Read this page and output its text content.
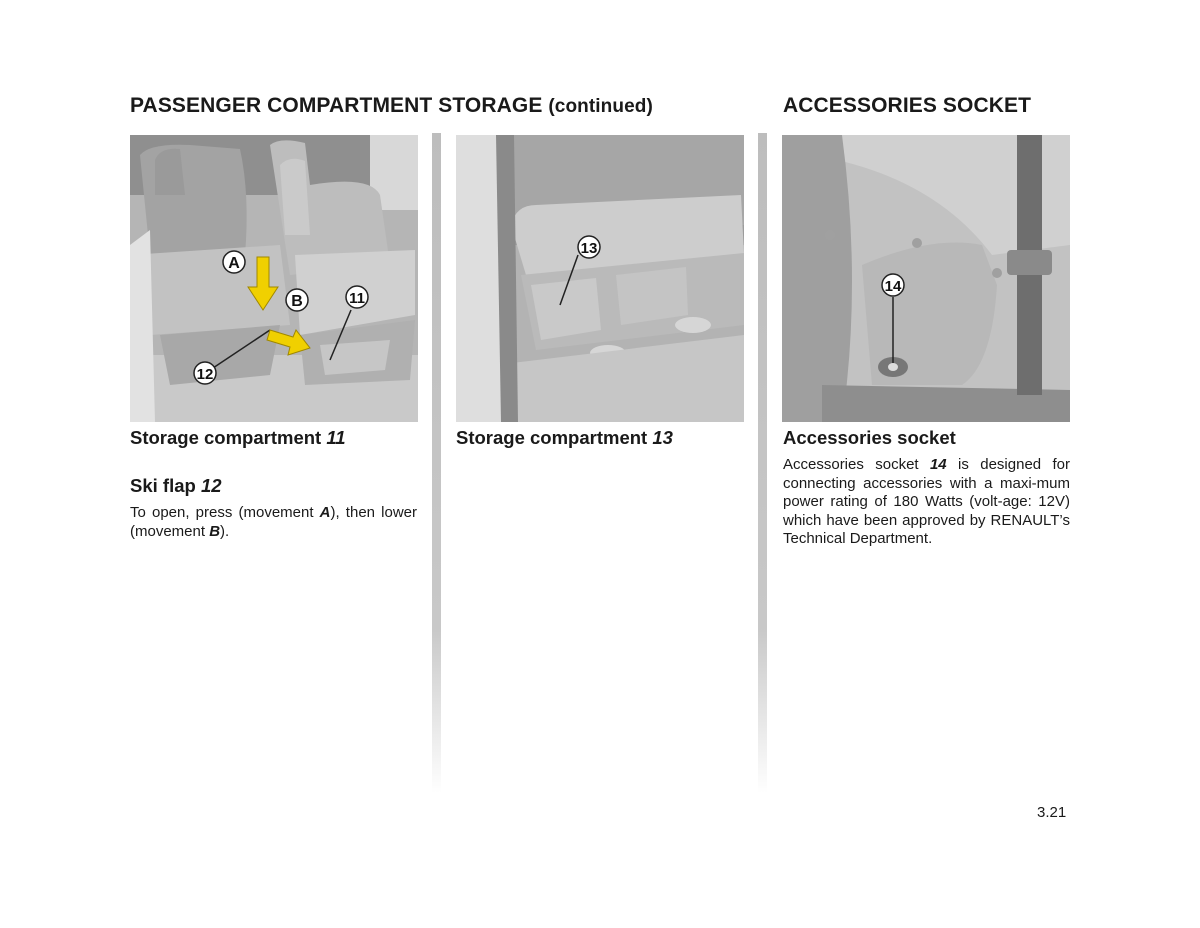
PASSENGER COMPARTMENT STORAGE (continued)	ACCESSORIES SOCKET
A
B	11
12
13
14
Storage compartment 11
Ski flap 12

To open, press (movement A), then lower (movement B).

Storage compartment 13	Accessories socket

Accessories socket 14 is designed for connecting accessories with a maxi-mum power rating of 180 Watts (volt-age: 12V) which have been approved by RENAULT’s Technical Department.

3.21
